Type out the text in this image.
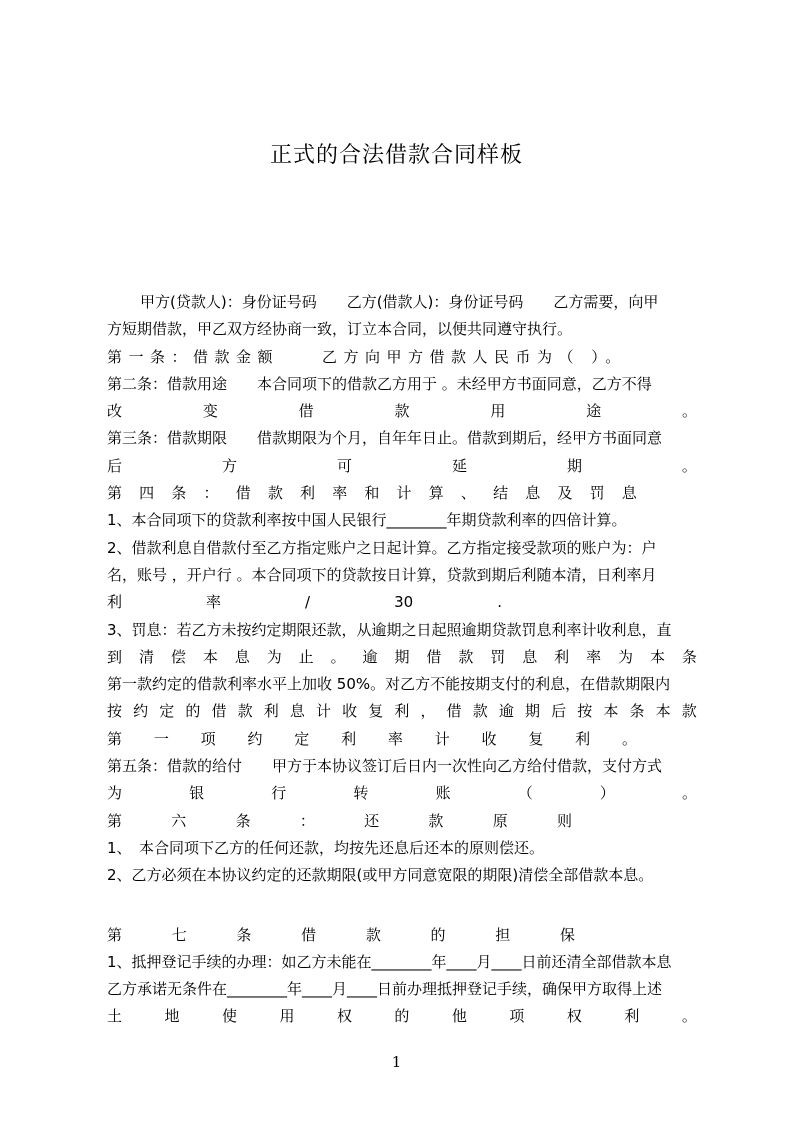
正式的合法借款合同样板
甲方(贷款人)：身份证号码　　乙方(借款人)：身份证号码　　乙方需要，向甲
方短期借款，甲乙双方经协商一致，订立本合同，以便共同遵守执行。
第一条：借款金额　　乙方向甲方借款人民币为（ ）。
第二条：借款用途　　本合同项下的借款乙方用于 。未经甲方书面同意，乙方不得
改	变	借	款	用	途	。
第三条：借款期限　　借款期限为个月，自年年日止。借款到期后，经甲方书面同意
后	方	可	延	期	。
第 四 条 ： 借 款 利 率 和 计 算 、 结 息 及 罚 息
1、本合同项下的贷款利率按中国人民银行________年期贷款利率的四倍计算。
2、借款利息自借款付至乙方指定账户之日起计算。乙方指定接受款项的账户为：户
名，账号 ，开户行 。本合同项下的贷款按日计算，贷款到期后利随本清，日利率月
利	率	/	30	.
3、罚息：若乙方未按约定期限还款，从逾期之日起照逾期贷款罚息利率计收利息，直
到 清 偿 本 息 为 止 。 逾 期 借 款 罚 息 利 率 为 本 条
第一款约定的借款利率水平上加收 50%。对乙方不能按期支付的利息，在借款期限内
按 约 定 的 借 款 利 息 计 收 复 利 ， 借 款 逾 期 后 按 本 条 本 款
第 一 项 约 定 利 率 计 收 复 利 。
第五条：借款的给付　　甲方于本协议签订后日内一次性向乙方给付借款，支付方式
为	银	行	转	账	（	）	。
第	六	条	：	还	款	原	则
1、　本合同项下乙方的任何还款，均按先还息后还本的原则偿还。
2、乙方必须在本协议约定的还款期限(或甲方同意宽限的期限)清偿全部借款本息。
第	七	条	借	款	的	担	保
1、抵押登记手续的办理：如乙方未能在________年____月____日前还清全部借款本息
乙方承诺无条件在________年____月____日前办理抵押登记手续，确保甲方取得上述
土	地	使	用	权	的	他	项	权	利	。
1
